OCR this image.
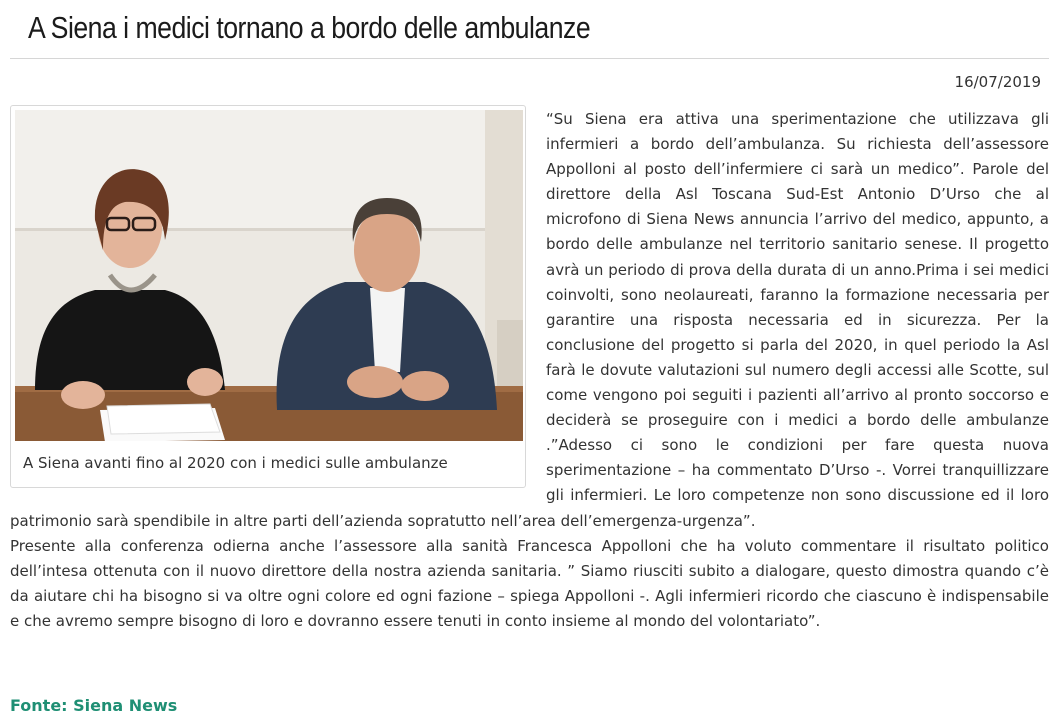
A Siena i medici tornano a bordo delle ambulanze
16/07/2019
A Siena avanti fino al 2020 con i medici sulle ambulanze

“Su Siena era attiva una sperimentazione che utilizzava gli infermieri a bordo dell’ambulanza. Su richiesta dell’assessore Appolloni al posto dell’infermiere ci sarà un medico”. Parole del direttore della Asl Toscana Sud-Est Antonio D’Urso che al microfono di Siena News annuncia l’arrivo del medico, appunto, a bordo delle ambulanze nel territorio sanitario senese. Il progetto avrà un periodo di prova della durata di un anno.Prima i sei medici coinvolti, sono neolaureati, faranno la formazione necessaria per garantire una risposta necessaria ed in sicurezza. Per la conclusione del progetto si parla del 2020, in quel periodo la Asl farà le dovute valutazioni sul numero degli accessi alle Scotte, sul come vengono poi seguiti i pazienti all’arrivo al pronto soccorso e deciderà se proseguire con i medici a bordo delle ambulanze .”Adesso ci sono le condizioni per fare questa nuova sperimentazione – ha commentato D’Urso -. Vorrei tranquillizzare gli infermieri. Le loro competenze non sono discussione ed il loro patrimonio sarà spendibile in altre parti dell’azienda sopratutto nell’area dell’emergenza-urgenza”.

Presente alla conferenza odierna anche l’assessore alla sanità Francesca Appolloni che ha voluto commentare il risultato politico dell’intesa ottenuta con il nuovo direttore della nostra azienda sanitaria. ” Siamo riusciti subito a dialogare, questo dimostra quando c’è da aiutare chi ha bisogno si va oltre ogni colore ed ogni fazione – spiega Appolloni -. Agli infermieri ricordo che ciascuno è indispensabile e che avremo sempre bisogno di loro e dovranno essere tenuti in conto insieme al mondo del volontariato”.

Fonte: Siena News
